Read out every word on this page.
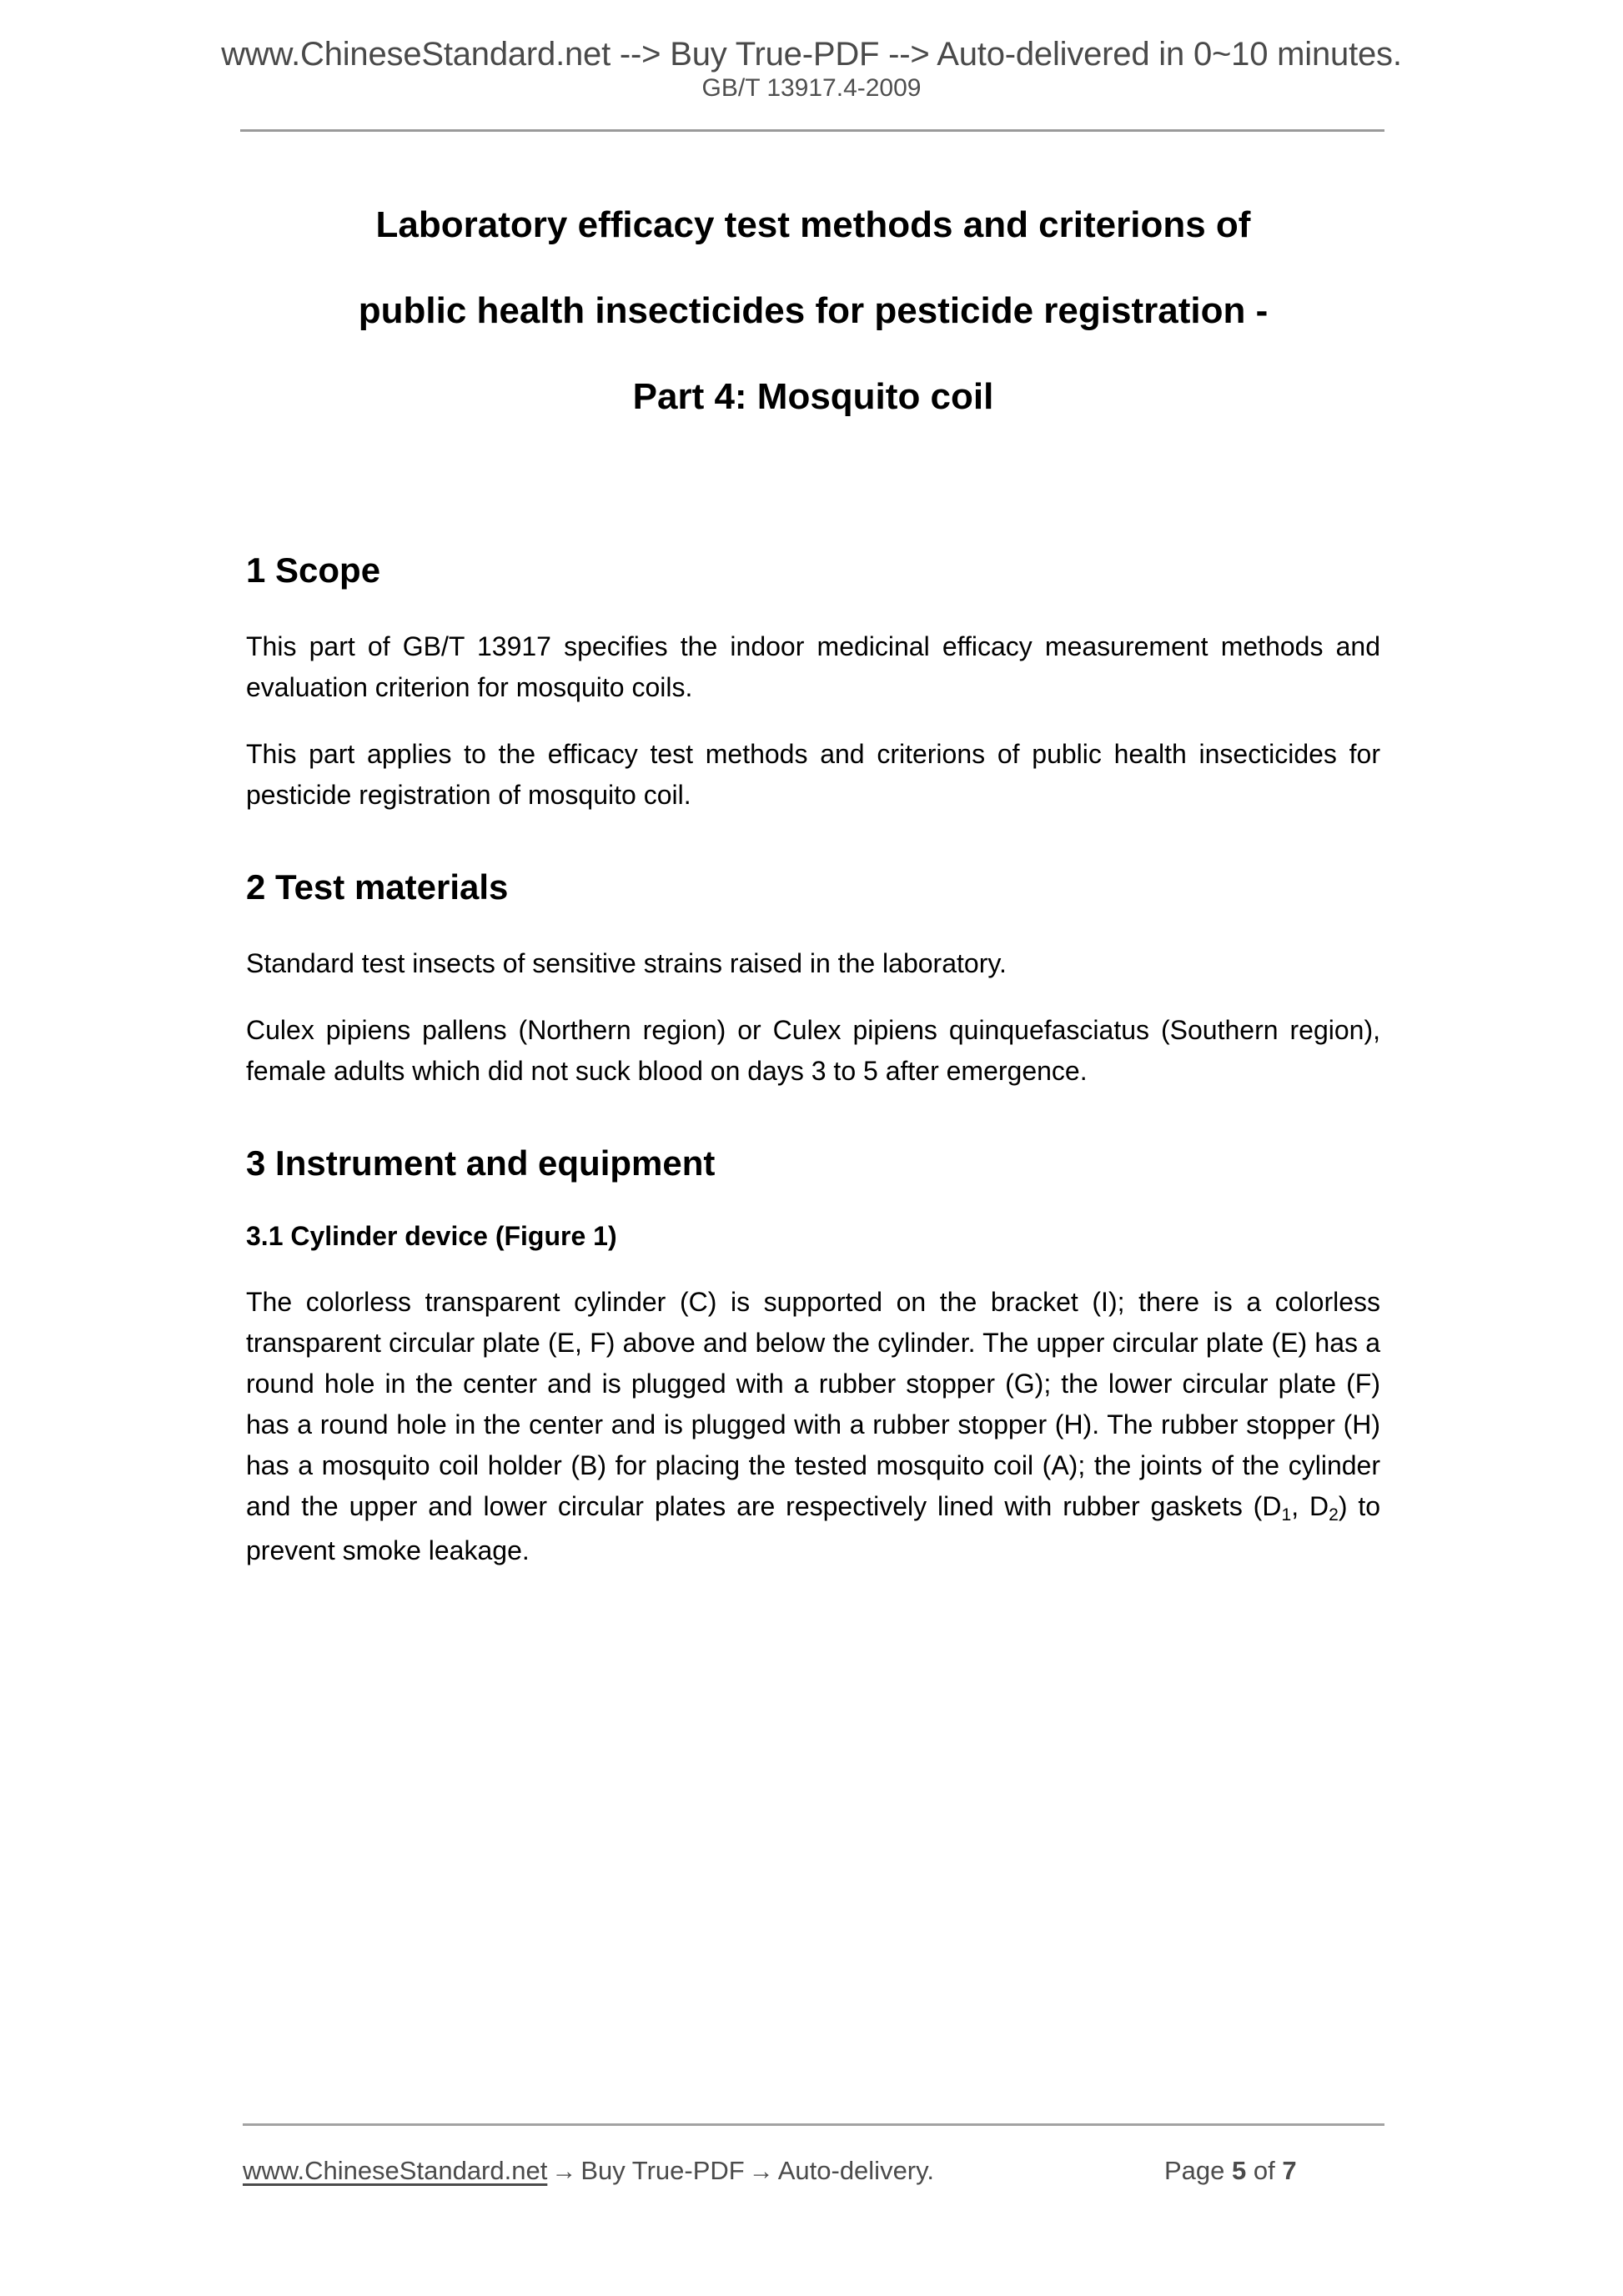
www.ChineseStandard.net --> Buy True-PDF --> Auto-delivered in 0~10 minutes.
GB/T 13917.4-2009
Laboratory efficacy test methods and criterions of
public health insecticides for pesticide registration -
Part 4: Mosquito coil
1 Scope

This part of GB/T 13917 specifies the indoor medicinal efficacy measurement methods and evaluation criterion for mosquito coils.

This part applies to the efficacy test methods and criterions of public health insecticides for pesticide registration of mosquito coil.

2 Test materials

Standard test insects of sensitive strains raised in the laboratory.

Culex pipiens pallens (Northern region) or Culex pipiens quinquefasciatus (Southern region), female adults which did not suck blood on days 3 to 5 after emergence.

3 Instrument and equipment
3.1 Cylinder device (Figure 1)

The colorless transparent cylinder (C) is supported on the bracket (I); there is a colorless transparent circular plate (E, F) above and below the cylinder. The upper circular plate (E) has a round hole in the center and is plugged with a rubber stopper (G); the lower circular plate (F) has a round hole in the center and is plugged with a rubber stopper (H). The rubber stopper (H) has a mosquito coil holder (B) for placing the tested mosquito coil (A); the joints of the cylinder and the upper and lower circular plates are respectively lined with rubber gaskets ($D_1$, $D_2$) to prevent smoke leakage.

www.ChineseStandard.net → Buy True-PDF → Auto-delivery.	Page 5 of 7
